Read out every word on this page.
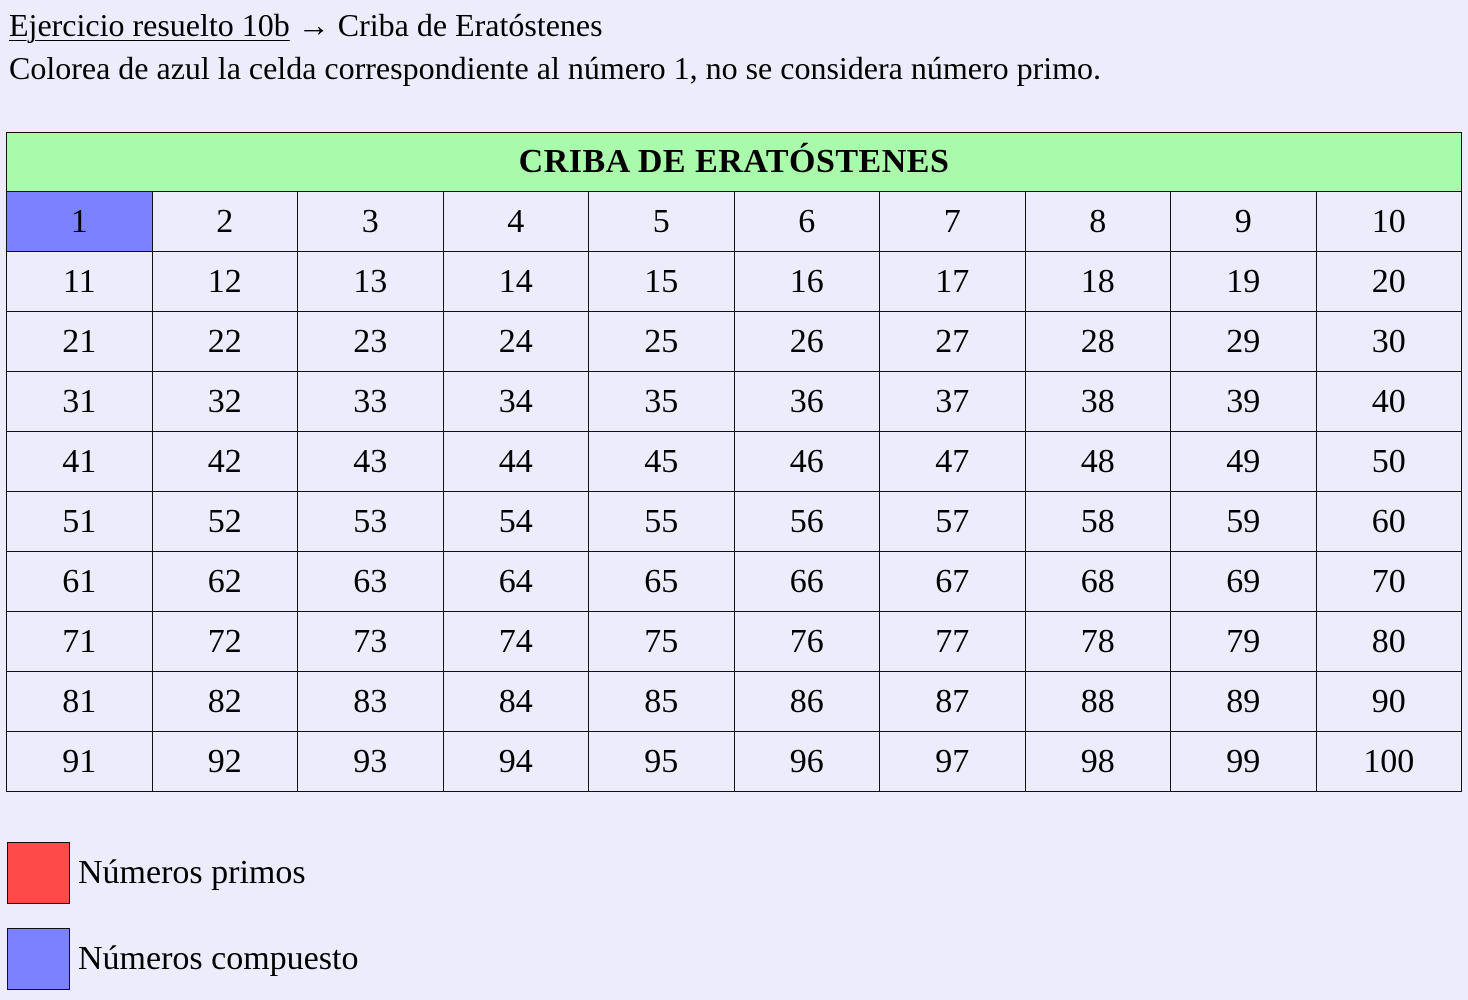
Ejercicio resuelto 10b → Criba de Eratóstenes
Colorea de azul la celda correspondiente al número 1, no se considera número primo.
CRIBA DE ERATÓSTENES									
1	2	3	4	5	6	7	8	9	10
11	12	13	14	15	16	17	18	19	20
21	22	23	24	25	26	27	28	29	30
31	32	33	34	35	36	37	38	39	40
41	42	43	44	45	46	47	48	49	50
51	52	53	54	55	56	57	58	59	60
61	62	63	64	65	66	67	68	69	70
71	72	73	74	75	76	77	78	79	80
81	82	83	84	85	86	87	88	89	90
91	92	93	94	95	96	97	98	99	100
Números primos
Números compuesto
